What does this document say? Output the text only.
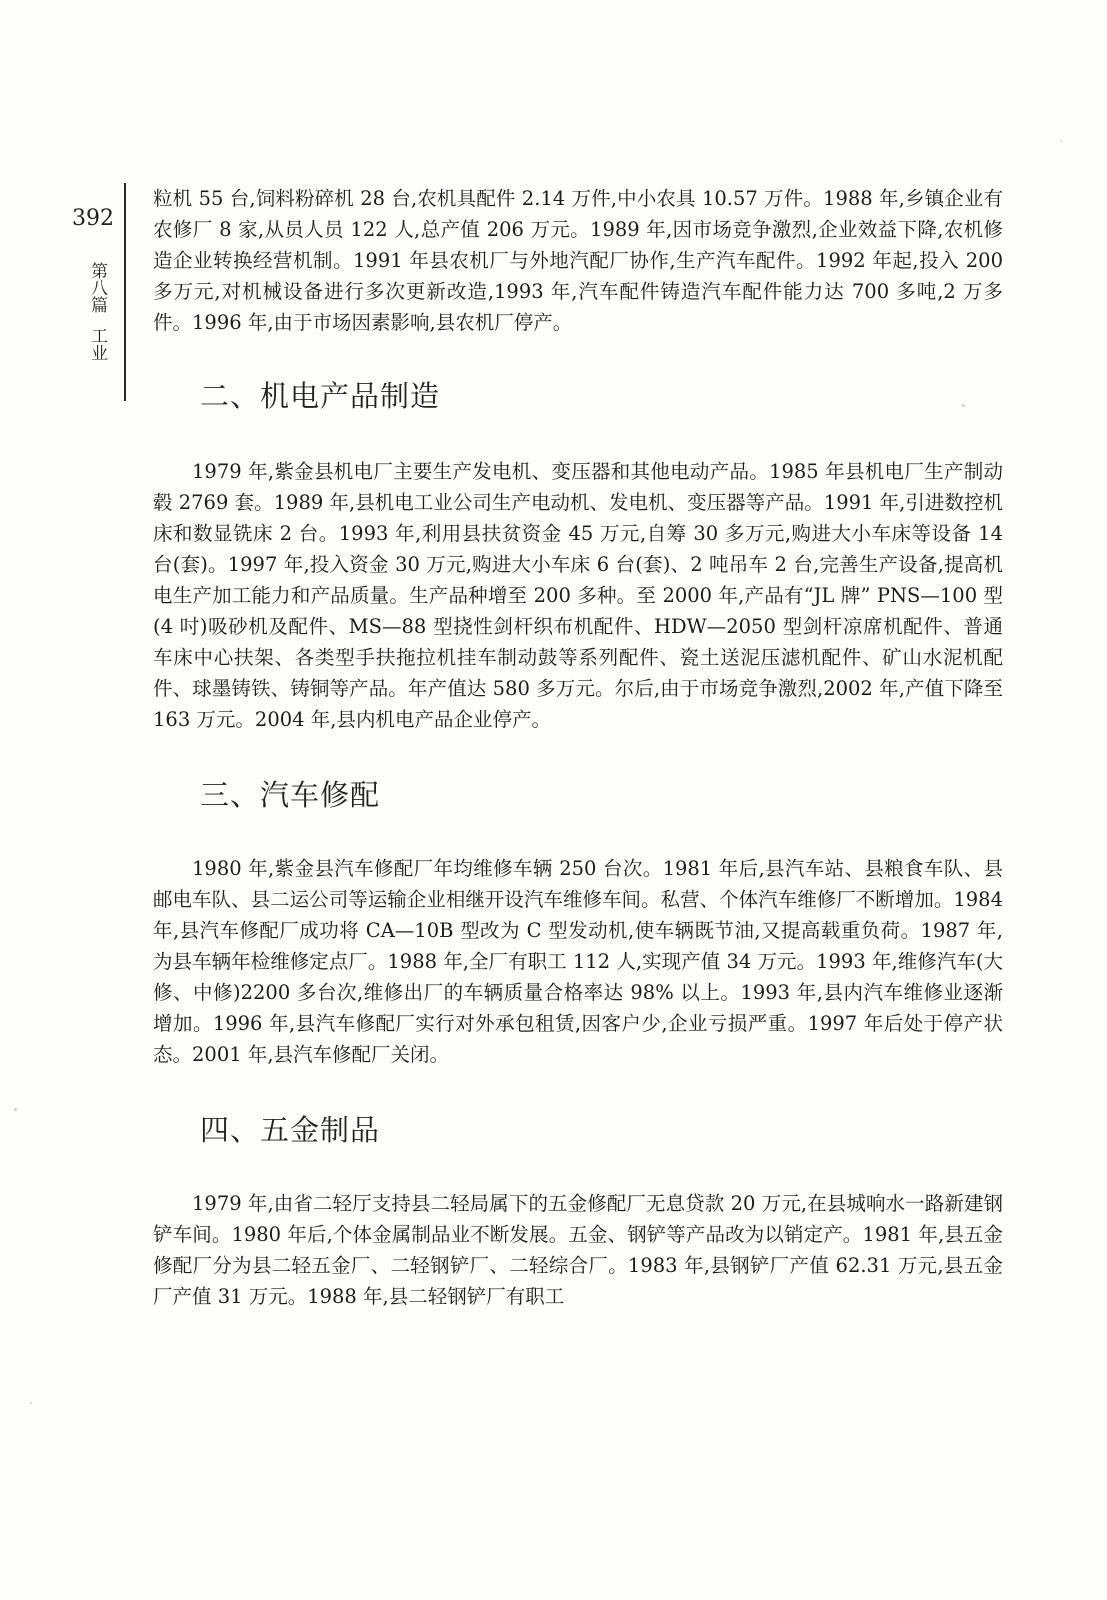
392
第八篇
工业

粒机 55 台,饲料粉碎机 28 台,农机具配件 2.14 万件,中小农具 10.57 万件。1988 年,乡镇企业有农修厂 8 家,从员人员 122 人,总产值 206 万元。1989 年,因市场竞争激烈,企业效益下降,农机修造企业转换经营机制。1991 年县农机厂与外地汽配厂协作,生产汽车配件。1992 年起,投入 200 多万元,对机械设备进行多次更新改造,1993 年,汽车配件铸造汽车配件能力达 700 多吨,2 万多件。1996 年,由于市场因素影响,县农机厂停产。

二、机电产品制造

1979 年,紫金县机电厂主要生产发电机、变压器和其他电动产品。1985 年县机电厂生产制动毂 2769 套。1989 年,县机电工业公司生产电动机、发电机、变压器等产品。1991 年,引进数控机床和数显铣床 2 台。1993 年,利用县扶贫资金 45 万元,自筹 30 多万元,购进大小车床等设备 14 台(套)。1997 年,投入资金 30 万元,购进大小车床 6 台(套)、2 吨吊车 2 台,完善生产设备,提高机电生产加工能力和产品质量。生产品种增至 200 多种。至 2000 年,产品有“JL 牌” PNS—100 型(4 吋)吸砂机及配件、MS—88 型挠性剑杆织布机配件、HDW—2050 型剑杆凉席机配件、普通车床中心扶架、各类型手扶拖拉机挂车制动鼓等系列配件、瓷土送泥压滤机配件、矿山水泥机配件、球墨铸铁、铸铜等产品。年产值达 580 多万元。尔后,由于市场竞争激烈,2002 年,产值下降至 163 万元。2004 年,县内机电产品企业停产。

三、汽车修配

1980 年,紫金县汽车修配厂年均维修车辆 250 台次。1981 年后,县汽车站、县粮食车队、县邮电车队、县二运公司等运输企业相继开设汽车维修车间。私营、个体汽车维修厂不断增加。1984 年,县汽车修配厂成功将 CA—10B 型改为 C 型发动机,使车辆既节油,又提高载重负荷。1987 年,为县车辆年检维修定点厂。1988 年,全厂有职工 112 人,实现产值 34 万元。1993 年,维修汽车(大修、中修)2200 多台次,维修出厂的车辆质量合格率达 98% 以上。1993 年,县内汽车维修业逐渐增加。1996 年,县汽车修配厂实行对外承包租赁,因客户少,企业亏损严重。1997 年后处于停产状态。2001 年,县汽车修配厂关闭。

四、五金制品

1979 年,由省二轻厅支持县二轻局属下的五金修配厂无息贷款 20 万元,在县城响水一路新建钢铲车间。1980 年后,个体金属制品业不断发展。五金、钢铲等产品改为以销定产。1981 年,县五金修配厂分为县二轻五金厂、二轻钢铲厂、二轻综合厂。1983 年,县钢铲厂产值 62.31 万元,县五金厂产值 31 万元。1988 年,县二轻钢铲厂有职工
